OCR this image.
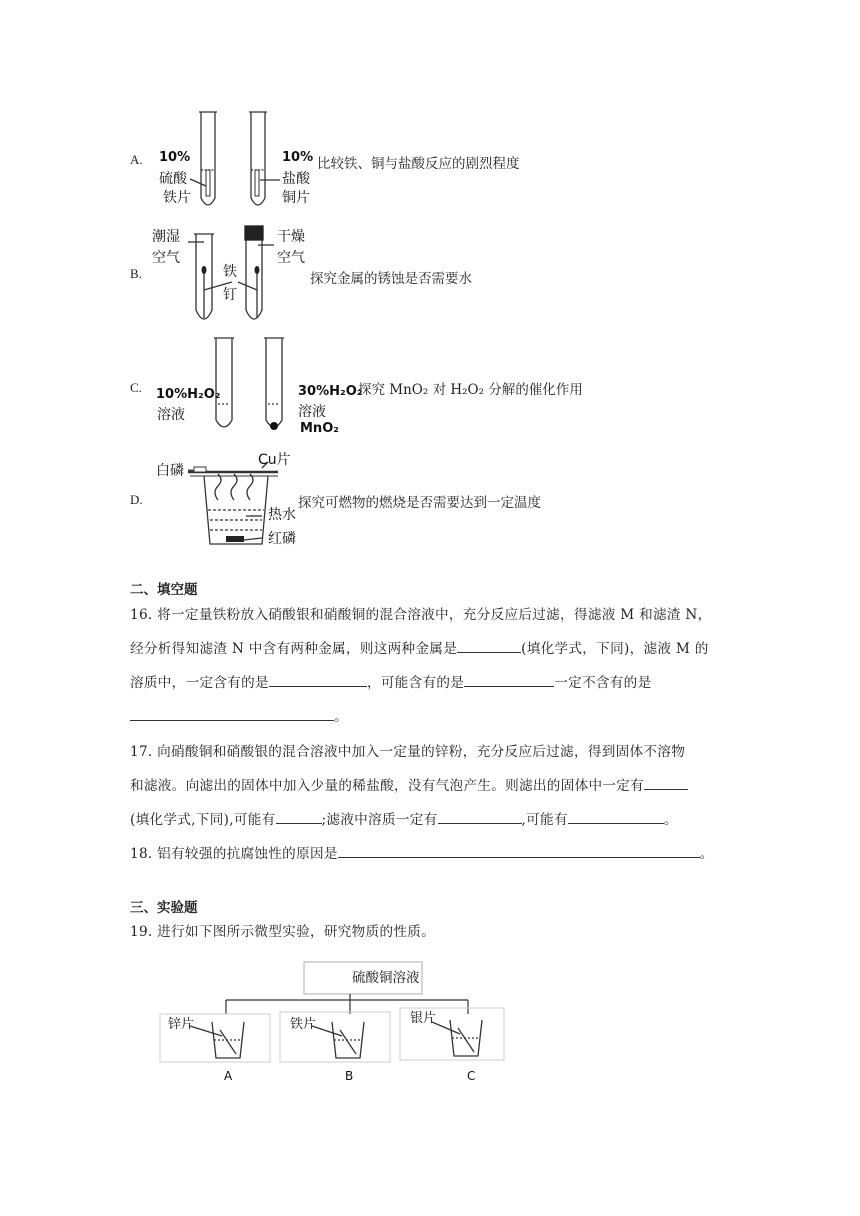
A. 10%
硫酸
铁片
10%
盐酸
铜片
比较铁、铜与盐酸反应的剧烈程度
B.
潮湿
空气
铁
钉
干燥
空气
探究金属的锈蚀是否需要水
C. 10%H₂O₂
溶液
30%H₂O₂
溶液
MnO₂
探究 MnO₂ 对 H₂O₂ 分解的催化作用
D.
白磷
Cu片
热水
红磷
探究可燃物的燃烧是否需要达到一定温度
二、填空题
16. 将一定量铁粉放入硝酸银和硝酸铜的混合溶液中，充分反应后过滤，得滤液 M 和滤渣 N，
经分析得知滤渣 N 中含有两种金属，则这两种金属是	(填化学式，下同)，滤液 M 的
溶质中，一定含有的是	，可能含有的是	一定不含有的是
。
17. 向硝酸铜和硝酸银的混合溶液中加入一定量的锌粉，充分反应后过滤，得到固体不溶物
和滤液。向滤出的固体中加入少量的稀盐酸，没有气泡产生。则滤出的固体中一定有
(填化学式,下同),可能有	;滤液中溶质一定有	,可能有	。
18. 铝有较强的抗腐蚀性的原因是	。
三、实验题
19. 进行如下图所示微型实验，研究物质的性质。
硫酸铜溶液
锌片	铁片	银片
A	B	C
